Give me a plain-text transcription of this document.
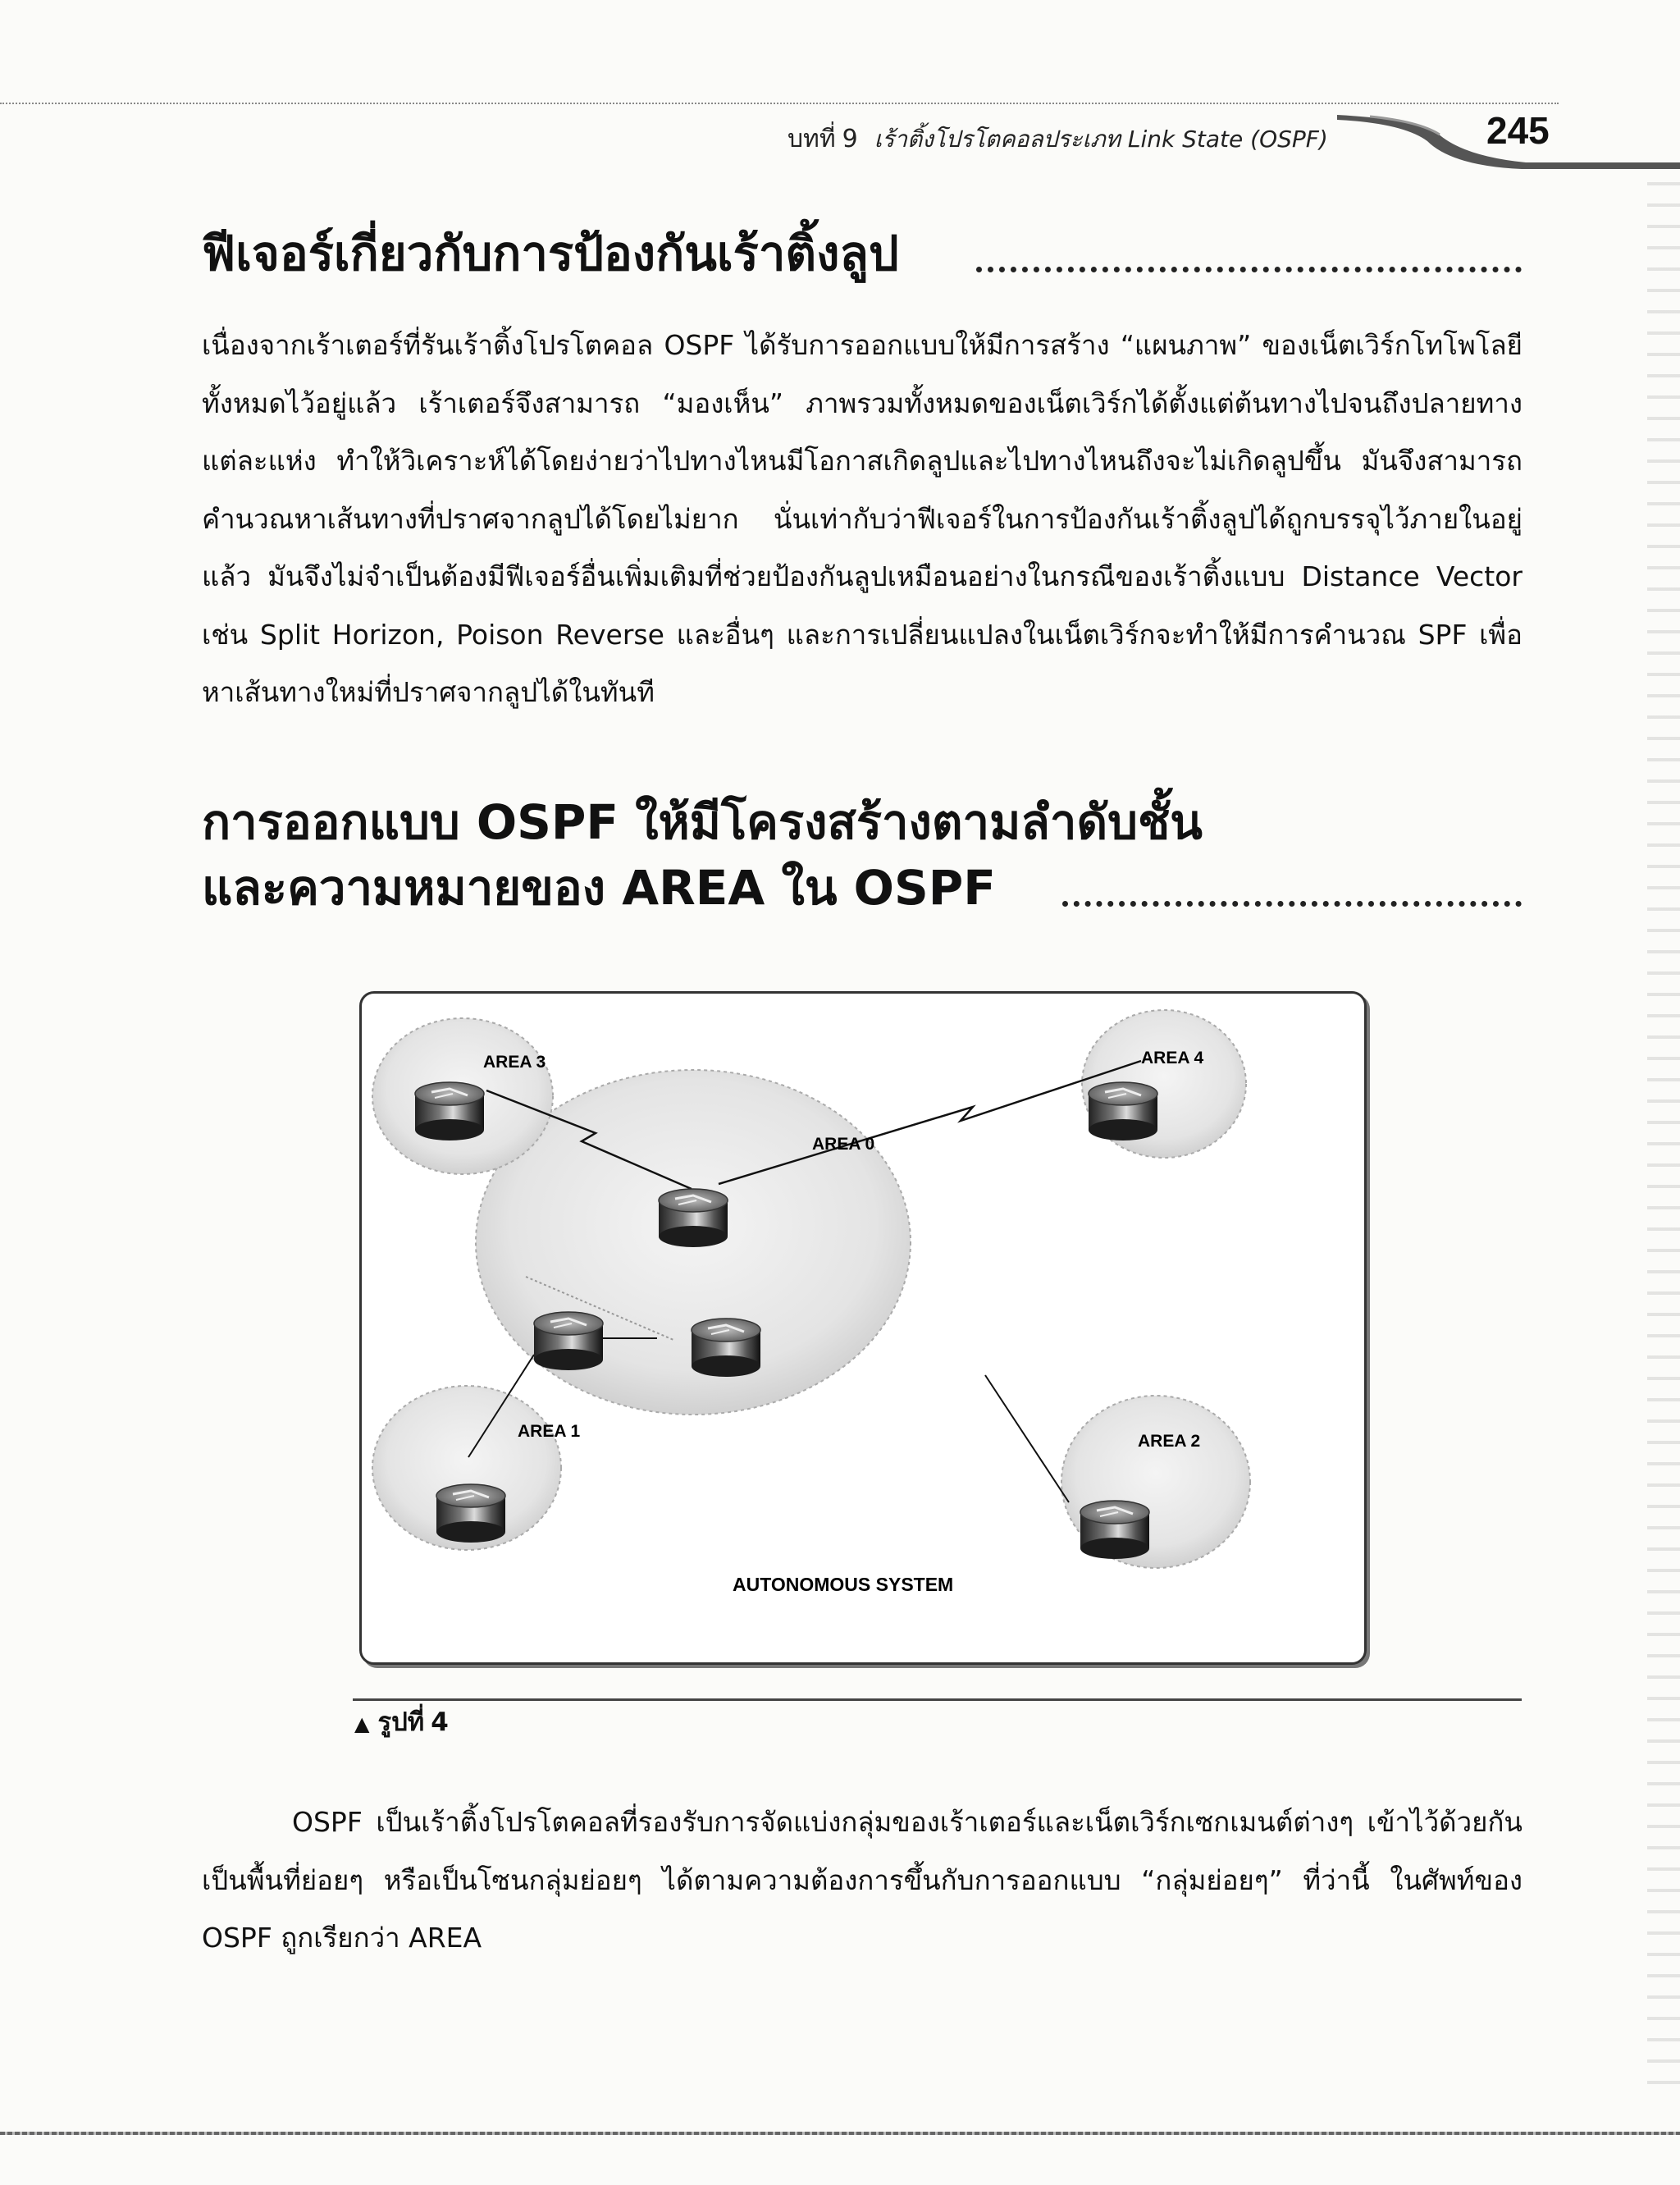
บทที่ 9 เร้าติ้งโปรโตคอลประเภท Link State (OSPF)	245
ฟีเจอร์เกี่ยวกับการป้องกันเร้าติ้งลูป
เนื่องจากเร้าเตอร์ที่รันเร้าติ้งโปรโตคอล OSPF ได้รับการออกแบบให้มีการสร้าง “แผนภาพ” ของเน็ตเวิร์กโทโพโลยีทั้งหมดไว้อยู่แล้ว เร้าเตอร์จึงสามารถ “มองเห็น” ภาพรวมทั้งหมดของเน็ตเวิร์กได้ตั้งแต่ต้นทางไปจนถึงปลายทางแต่ละแห่ง ทำให้วิเคราะห์ได้โดยง่ายว่าไปทางไหนมีโอกาสเกิดลูปและไปทางไหนถึงจะไม่เกิดลูปขึ้น มันจึงสามารถคำนวณหาเส้นทางที่ปราศจากลูปได้โดยไม่ยาก นั่นเท่ากับว่าฟีเจอร์ในการป้องกันเร้าติ้งลูปได้ถูกบรรจุไว้ภายในอยู่แล้ว มันจึงไม่จำเป็นต้องมีฟีเจอร์อื่นเพิ่มเติมที่ช่วยป้องกันลูปเหมือนอย่างในกรณีของเร้าติ้งแบบ Distance Vector เช่น Split Horizon, Poison Reverse และอื่นๆ และการเปลี่ยนแปลงในเน็ตเวิร์กจะทำให้มีการคำนวณ SPF เพื่อหาเส้นทางใหม่ที่ปราศจากลูปได้ในทันที
การออกแบบ OSPF ให้มีโครงสร้างตามลำดับชั้น
และความหมายของ AREA ใน OSPF
AREA 3	AREA 4
AREA 0
AREA 1
AREA 2
AUTONOMOUS SYSTEM
▲ รูปที่ 4
OSPF เป็นเร้าติ้งโปรโตคอลที่รองรับการจัดแบ่งกลุ่มของเร้าเตอร์และเน็ตเวิร์กเซกเมนต์ต่างๆ เข้าไว้ด้วยกัน เป็นพื้นที่ย่อยๆ หรือเป็นโซนกลุ่มย่อยๆ ได้ตามความต้องการขึ้นกับการออกแบบ “กลุ่มย่อยๆ” ที่ว่านี้ ในศัพท์ของ OSPF ถูกเรียกว่า AREA
